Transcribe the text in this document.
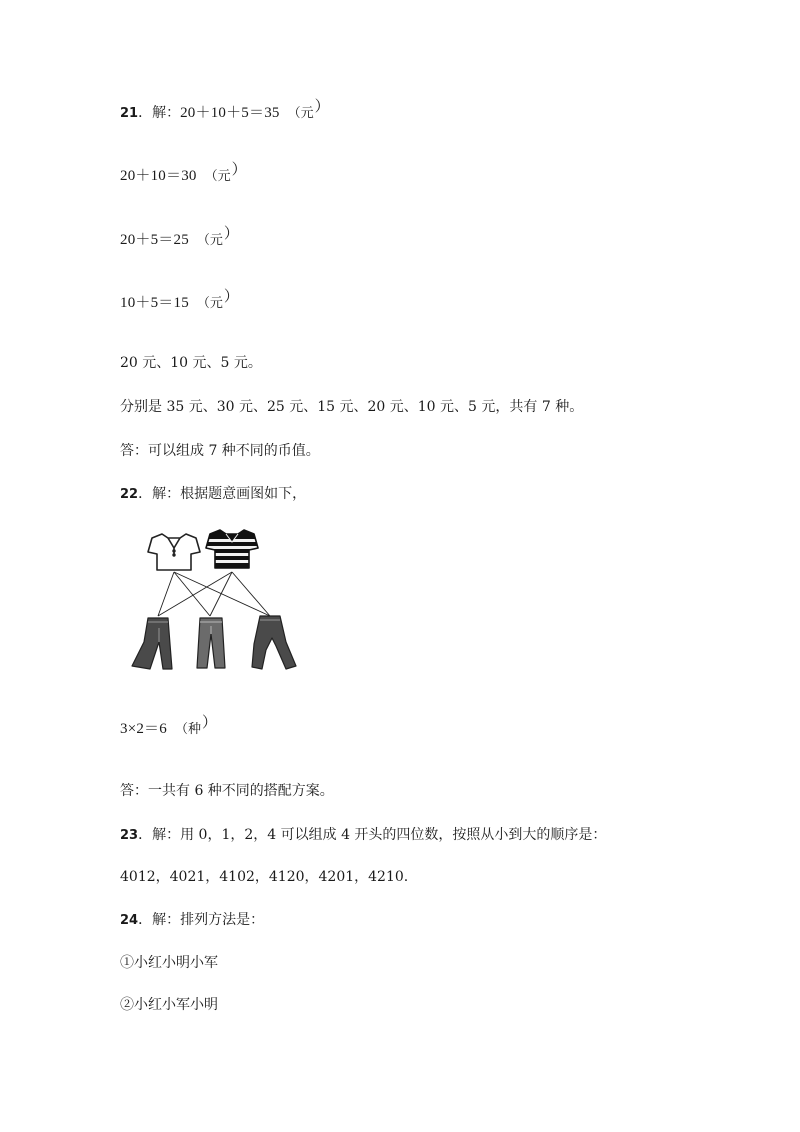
21．解：20＋10＋5＝35 （元）
20＋10＝30 （元）
20＋5＝25 （元）
10＋5＝15 （元）
20 元、10 元、5 元。
分别是 35 元、30 元、25 元、15 元、20 元、10 元、5 元，共有 7 种。
答：可以组成 7 种不同的币值。
22．解：根据题意画图如下，
3×2＝6 （种）
答：一共有 6 种不同的搭配方案。
23．解：用 0，1，2，4 可以组成 4 开头的四位数，按照从小到大的顺序是：
4012，4021，4102，4120，4201，4210.
24．解：排列方法是：
①小红小明小军
②小红小军小明
